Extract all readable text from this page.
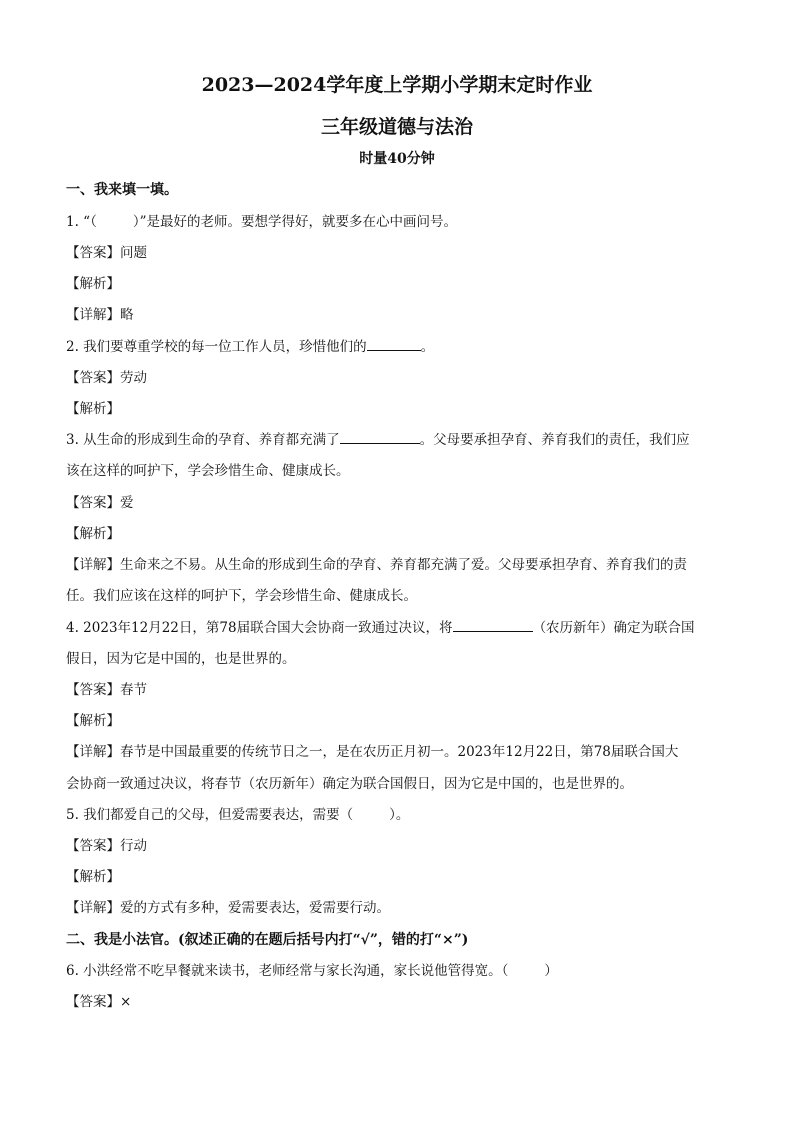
2023—2024学年度上学期小学期末定时作业
三年级道德与法治
时量40分钟
一、我来填一填。
1. “（	）”是最好的老师。要想学得好，就要多在心中画问号。
【答案】问题
【解析】
【详解】略
2. 我们要尊重学校的每一位工作人员，珍惜他们的	。
【答案】劳动
【解析】
3. 从生命的形成到生命的孕育、养育都充满了	。父母要承担孕育、养育我们的责任，我们应
该在这样的呵护下，学会珍惜生命、健康成长。
【答案】爱
【解析】
【详解】生命来之不易。从生命的形成到生命的孕育、养育都充满了爱。父母要承担孕育、养育我们的责
任。我们应该在这样的呵护下，学会珍惜生命、健康成长。
4. 2023年12月22日，第78届联合国大会协商一致通过决议，将	（农历新年）确定为联合国
假日，因为它是中国的，也是世界的。
【答案】春节
【解析】
【详解】春节是中国最重要的传统节日之一，是在农历正月初一。2023年12月22日，第78届联合国大
会协商一致通过决议，将春节（农历新年）确定为联合国假日，因为它是中国的，也是世界的。
5. 我们都爱自己的父母，但爱需要表达，需要（	）。
【答案】行动
【解析】
【详解】爱的方式有多种，爱需要表达，爱需要行动。
二、我是小法官。(叙述正确的在题后括号内打“√”，错的打“×”)
6. 小洪经常不吃早餐就来读书，老师经常与家长沟通，家长说他管得宽。（	）
【答案】×
